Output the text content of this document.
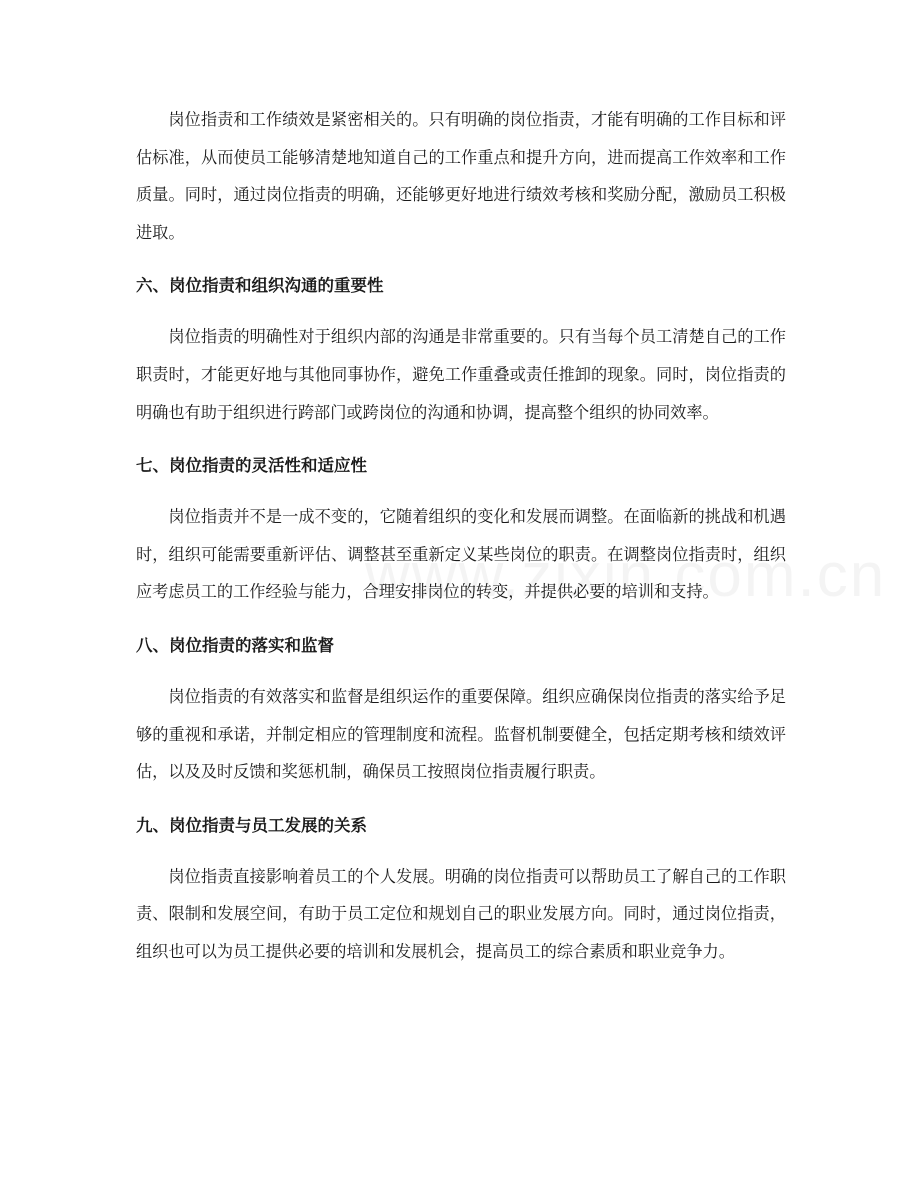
岗位指责和工作绩效是紧密相关的。只有明确的岗位指责，才能有明确的工作目标和评估标准，从而使员工能够清楚地知道自己的工作重点和提升方向，进而提高工作效率和工作质量。同时，通过岗位指责的明确，还能够更好地进行绩效考核和奖励分配，激励员工积极进取。

六、岗位指责和组织沟通的重要性

岗位指责的明确性对于组织内部的沟通是非常重要的。只有当每个员工清楚自己的工作职责时，才能更好地与其他同事协作，避免工作重叠或责任推卸的现象。同时，岗位指责的明确也有助于组织进行跨部门或跨岗位的沟通和协调，提高整个组织的协同效率。

七、岗位指责的灵活性和适应性

岗位指责并不是一成不变的，它随着组织的变化和发展而调整。在面临新的挑战和机遇时，组织可能需要重新评估、调整甚至重新定义某些岗位的职责。在调整岗位指责时，组织应考虑员工的工作经验与能力，合理安排岗位的转变，并提供必要的培训和支持。

八、岗位指责的落实和监督

岗位指责的有效落实和监督是组织运作的重要保障。组织应确保岗位指责的落实给予足够的重视和承诺，并制定相应的管理制度和流程。监督机制要健全，包括定期考核和绩效评估，以及及时反馈和奖惩机制，确保员工按照岗位指责履行职责。

九、岗位指责与员工发展的关系

岗位指责直接影响着员工的个人发展。明确的岗位指责可以帮助员工了解自己的工作职责、限制和发展空间，有助于员工定位和规划自己的职业发展方向。同时，通过岗位指责，组织也可以为员工提供必要的培训和发展机会，提高员工的综合素质和职业竞争力。
